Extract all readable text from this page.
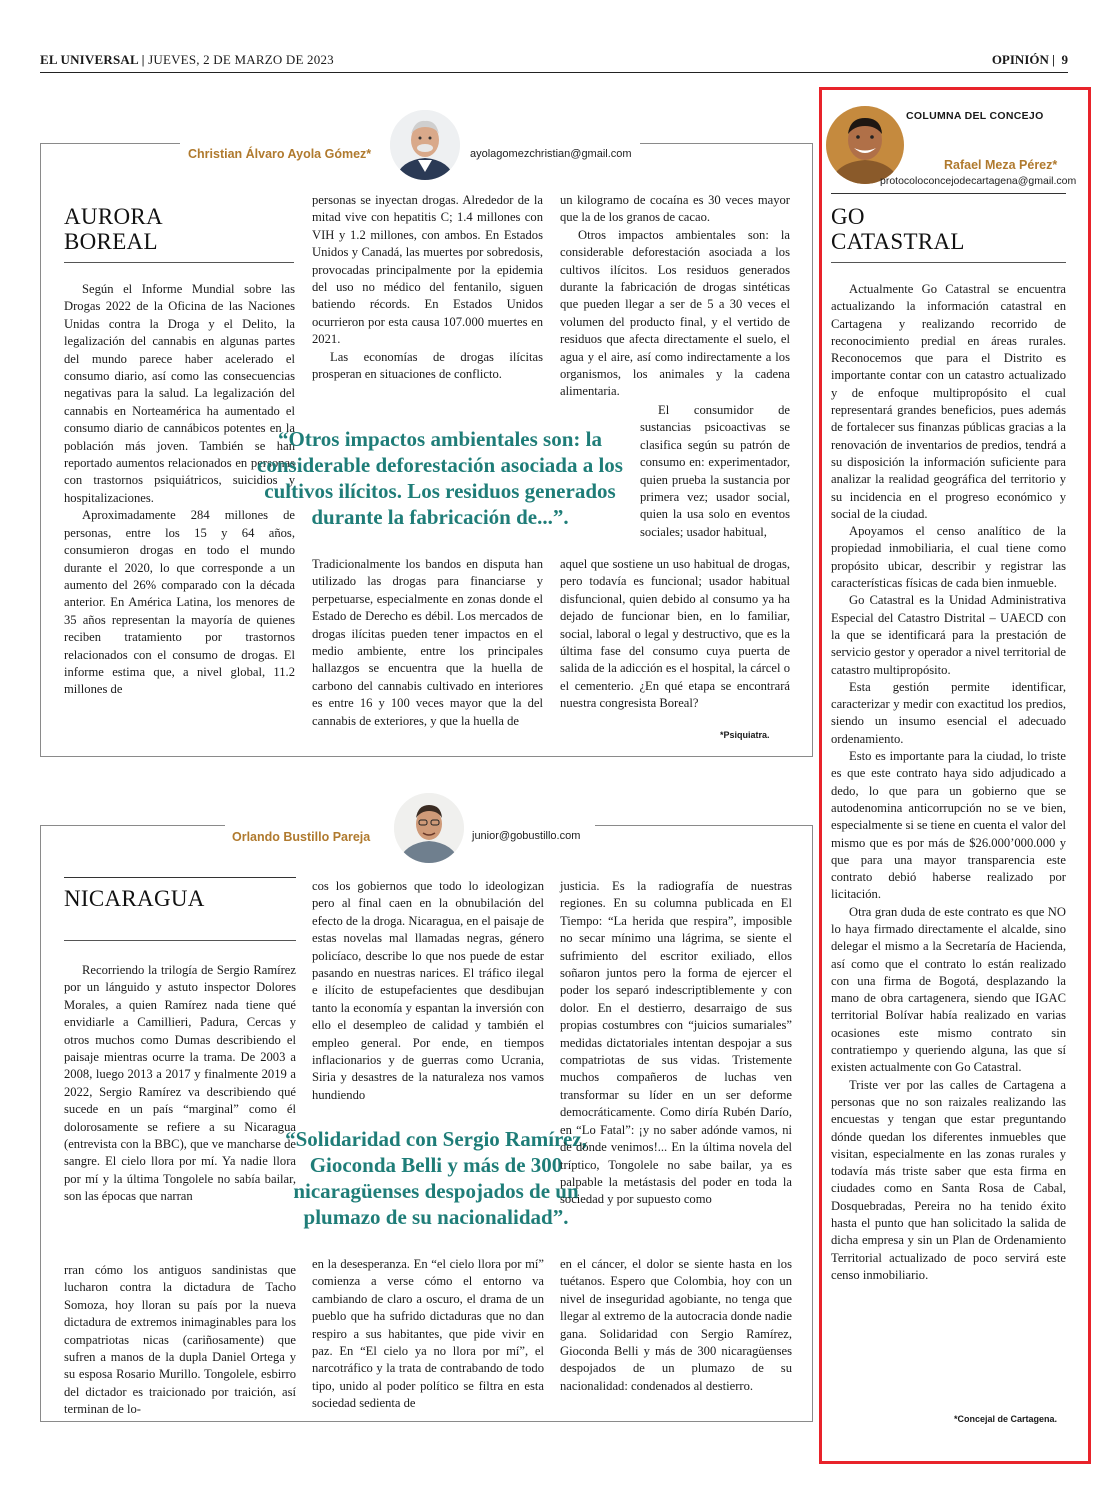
EL UNIVERSAL | JUEVES, 2 DE MARZO DE 2023	OPINIÓN |  9
Christian Álvaro Ayola Gómez*	ayolagomezchristian@gmail.com
AURORA BOREAL

Según el Informe Mundial sobre las Drogas 2022 de la Oficina de las Naciones Unidas contra la Droga y el Delito, la legalización del cannabis en algunas partes del mundo parece haber acelerado el consumo diario, así como las consecuencias negativas para la salud. La legalización del cannabis en Norteamérica ha aumentado el consumo diario de cannábicos potentes en la población más joven. También se han reportado aumentos relacionados en personas con trastornos psiquiátricos, suicidios y hospitalizaciones.

Aproximadamente 284 millones de personas, entre los 15 y 64 años, consumieron drogas en todo el mundo durante el 2020, lo que corresponde a un aumento del 26% comparado con la década anterior. En América Latina, los menores de 35 años representan la mayoría de quienes reciben tratamiento por trastornos relacionados con el consumo de drogas. El informe estima que, a nivel global, 11.2 millones de

personas se inyectan drogas. Alrededor de la mitad vive con hepatitis C; 1.4 millones con VIH y 1.2 millones, con ambos. En Estados Unidos y Canadá, las muertes por sobredosis, provocadas principalmente por la epidemia del uso no médico del fentanilo, siguen batiendo récords. En Estados Unidos ocurrieron por esta causa 107.000 muertes en 2021.

Las economías de drogas ilícitas prosperan en situaciones de conflicto.

un kilogramo de cocaína es 30 veces mayor que la de los granos de cacao.

Otros impactos ambientales son: la considerable deforestación asociada a los cultivos ilícitos. Los residuos generados durante la fabricación de drogas sintéticas que pueden llegar a ser de 5 a 30 veces el volumen del producto final, y el vertido de residuos que afecta directamente el suelo, el agua y el aire, así como indirectamente a los organismos, los animales y la cadena alimentaria.

El consumidor de sustancias psicoactivas se clasifica según su patrón de consumo en: experimentador, quien prueba la sustancia por primera vez; usador social, quien la usa solo en eventos sociales; usador habitual,

“Otros impactos ambientales son: la considerable deforestación asociada a los cultivos ilícitos. Los residuos generados durante la fabricación de...”.

Tradicionalmente los bandos en disputa han utilizado las drogas para financiarse y perpetuarse, especialmente en zonas donde el Estado de Derecho es débil. Los mercados de drogas ilícitas pueden tener impactos en el medio ambiente, entre los principales hallazgos se encuentra que la huella de carbono del cannabis cultivado en interiores es entre 16 y 100 veces mayor que la del cannabis de exteriores, y que la huella de

aquel que sostiene un uso habitual de drogas, pero todavía es funcional; usador habitual disfuncional, quien debido al consumo ya ha dejado de funcionar bien, en lo familiar, social, laboral o legal y destructivo, que es la última fase del consumo cuya puerta de salida de la adicción es el hospital, la cárcel o el cementerio. ¿En qué etapa se encontrará nuestra congresista Boreal?

*Psiquiatra.
Orlando Bustillo Pareja	junior@gobustillo.com
NICARAGUA

Recorriendo la trilogía de Sergio Ramírez por un lánguido y astuto inspector Dolores Morales, a quien Ramírez nada tiene qué envidiarle a Camillieri, Padura, Cercas y otros muchos como Dumas describiendo el paisaje mientras ocurre la trama. De 2003 a 2008, luego 2013 a 2017 y finalmente 2019 a 2022, Sergio Ramírez va describiendo qué sucede en un país “marginal” como él dolorosamente se refiere a su Nicaragua (entrevista con la BBC), que ve mancharse de sangre. El cielo llora por mí. Ya nadie llora por mí y la última Tongolele no sabía bailar, son las épocas que narran

rran cómo los antiguos sandinistas que lucharon contra la dictadura de Tacho Somoza, hoy lloran su país por la nueva dictadura de extremos inimaginables para los compatriotas nicas (cariñosamente) que sufren a manos de la dupla Daniel Ortega y su esposa Rosario Murillo. Tongolele, esbirro del dictador es traicionado por traición, así terminan de lo-

cos los gobiernos que todo lo ideologizan pero al final caen en la obnubilación del efecto de la droga. Nicaragua, en el paisaje de estas novelas mal llamadas negras, género policíaco, describe lo que nos puede de estar pasando en nuestras narices. El tráfico ilegal e ilícito de estupefacientes que desdibujan tanto la economía y espantan la inversión con ello el desempleo de calidad y también el empleo general. Por ende, en tiempos inflacionarios y de guerras como Ucrania, Siria y desastres de la naturaleza nos vamos hundiendo

“Solidaridad con Sergio Ramírez, Gioconda Belli y más de 300 nicaragüenses despojados de un plumazo de su nacionalidad”.

en la desesperanza. En “el cielo llora por mí” comienza a verse cómo el entorno va cambiando de claro a oscuro, el drama de un pueblo que ha sufrido dictaduras que no dan respiro a sus habitantes, que pide vivir en paz. En “El cielo ya no llora por mí”, el narcotráfico y la trata de contrabando de todo tipo, unido al poder político se filtra en esta sociedad sedienta de

justicia. Es la radiografía de nuestras regiones. En su columna publicada en El Tiempo: “La herida que respira”, imposible no secar mínimo una lágrima, se siente el sufrimiento del escritor exiliado, ellos soñaron juntos pero la forma de ejercer el poder los separó indescriptiblemente y con dolor. En el destierro, desarraigo de sus propias costumbres con “juicios sumariales” medidas dictatoriales intentan despojar a sus compatriotas de sus vidas. Tristemente muchos compañeros de luchas ven transformar su líder en un ser deforme democráticamente. Como diría Rubén Darío, en “Lo Fatal”: ¡y no saber adónde vamos, ni de dónde venimos!... En la última novela del tríptico, Tongolele no sabe bailar, ya es palpable la metástasis del poder en toda la sociedad y por supuesto como

en el cáncer, el dolor se siente hasta en los tuétanos. Espero que Colombia, hoy con un nivel de inseguridad agobiante, no tenga que llegar al extremo de la autocracia donde nadie gana. Solidaridad con Sergio Ramírez, Gioconda Belli y más de 300 nicaragüenses despojados de un plumazo de su nacionalidad: condenados al destierro.

COLUMNA DEL CONCEJO
Rafael Meza Pérez*
protocoloconcejodecartagena@gmail.com
GO CATASTRAL

Actualmente Go Catastral se encuentra actualizando la información catastral en Cartagena y realizando recorrido de reconocimiento predial en áreas rurales. Reconocemos que para el Distrito es importante contar con un catastro actualizado y de enfoque multipropósito el cual representará grandes beneficios, pues además de fortalecer sus finanzas públicas gracias a la renovación de inventarios de predios, tendrá a su disposición la información suficiente para analizar la realidad geográfica del territorio y su incidencia en el progreso económico y social de la ciudad.

Apoyamos el censo analítico de la propiedad inmobiliaria, el cual tiene como propósito ubicar, describir y registrar las características físicas de cada bien inmueble.

Go Catastral es la Unidad Administrativa Especial del Catastro Distrital – UAECD con la que se identificará para la prestación de servicio gestor y operador a nivel territorial de catastro multipropósito.

Esta gestión permite identificar, caracterizar y medir con exactitud los predios, siendo un insumo esencial el adecuado ordenamiento.

Esto es importante para la ciudad, lo triste es que este contrato haya sido adjudicado a dedo, lo que para un gobierno que se autodenomina anticorrupción no se ve bien, especialmente si se tiene en cuenta el valor del mismo que es por más de $26.000’000.000 y que para una mayor transparencia este contrato debió haberse realizado por licitación.

Otra gran duda de este contrato es que NO lo haya firmado directamente el alcalde, sino delegar el mismo a la Secretaría de Hacienda, así como que el contrato lo están realizado con una firma de Bogotá, desplazando la mano de obra cartagenera, siendo que IGAC territorial Bolívar había realizado en varias ocasiones este mismo contrato sin contratiempo y queriendo alguna, las que sí existen actualmente con Go Catastral.

Triste ver por las calles de Cartagena a personas que no son raizales realizando las encuestas y tengan que estar preguntando dónde quedan los diferentes inmuebles que visitan, especialmente en las zonas rurales y todavía más triste saber que esta firma en ciudades como en Santa Rosa de Cabal, Dosquebradas, Pereira no ha tenido éxito hasta el punto que han solicitado la salida de dicha empresa y sin un Plan de Ordenamiento Territorial actualizado de poco servirá este censo inmobiliario.

*Concejal de Cartagena.
